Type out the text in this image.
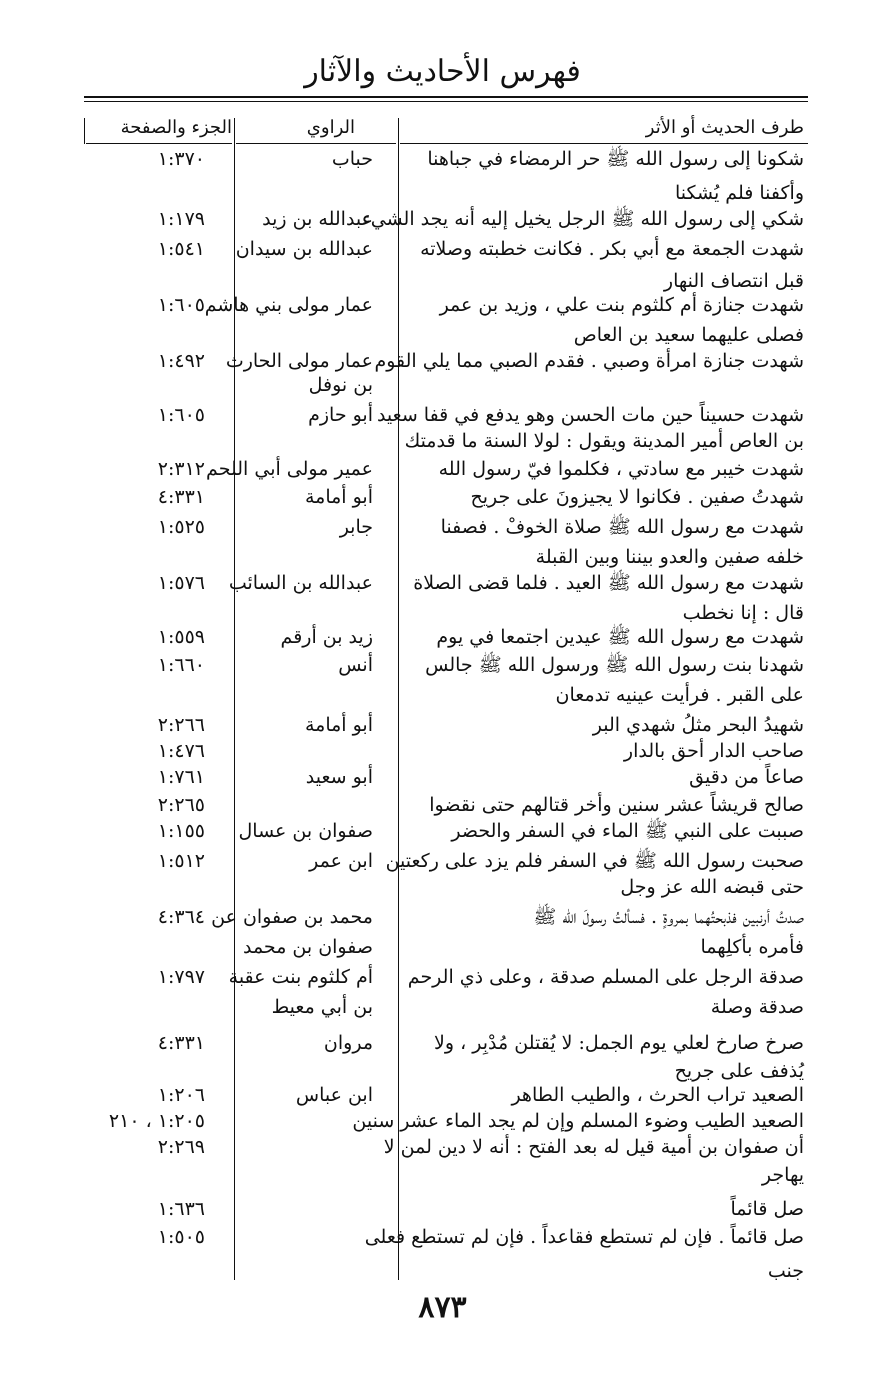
فهرس الأحاديث والآثار
طرف الحديث أو الأثر
الراوي
الجزء والصفحة
شكونا إلى رسول الله ﷺ حر الرمضاء في جباهنا
حباب
١:٣٧٠
وأكفنا فلم يُشكنا
شكي إلى رسول الله ﷺ الرجل يخيل إليه أنه يجد الشيء
عبدالله بن زيد
١:١٧٩
شهدت الجمعة مع أبي بكر . فكانت خطبته وصلاته
عبدالله بن سيدان
١:٥٤١
قبل انتصاف النهار
شهدت جنازة أم كلثوم بنت علي ، وزيد بن عمر
عمار مولى بني هاشم
١:٦٠٥
فصلى عليهما سعيد بن العاص
شهدت جنازة امرأة وصبي . فقدم الصبي مما يلي القوم
عمار مولى الحارث
١:٤٩٢
بن نوفل
شهدت حسيناً حين مات الحسن وهو يدفع في قفا سعيد
أبو حازم
١:٦٠٥
بن العاص أمير المدينة ويقول : لولا السنة ما قدمتك
شهدت خيبر مع سادتي ، فكلموا فيّ رسول الله
عمير مولى أبي اللحم
٢:٣١٢
شهدتُ صفين . فكانوا لا يجيزونَ على جريح
أبو أمامة
٤:٣٣١
شهدت مع رسول الله ﷺ صلاة الخوفْ . فصفنا
جابر
١:٥٢٥
خلفه صفين والعدو بيننا وبين القبلة
شهدت مع رسول الله ﷺ العيد . فلما قضى الصلاة
عبدالله بن السائب
١:٥٧٦
قال : إنا نخطب
شهدت مع رسول الله ﷺ عيدين اجتمعا في يوم
زيد بن أرقم
١:٥٥٩
شهدنا بنت رسول الله ﷺ ورسول الله ﷺ جالس
أنس
١:٦٦٠
على القبر . فرأيت عينيه تدمعان
شهيدُ البحر مثلُ شهدي البر
أبو أمامة
٢:٢٦٦
صاحب الدار أحق بالدار
١:٤٧٦
صاعاً من دقيق
أبو سعيد
١:٧٦١
صالح قريشاً عشر سنين وأخر قتالهم حتى نقضوا
٢:٢٦٥
صببت على النبي ﷺ الماء في السفر والحضر
صفوان بن عسال
١:١٥٥
صحبت رسول الله ﷺ في السفر فلم يزد على ركعتين
ابن عمر
١:٥١٢
حتى قبضه الله عز وجل
صدتُ أرنبين فذبحتُهما بمروةٍ . فسألتُ رسولَ الله ﷺ
محمد بن صفوان عن
٤:٣٦٤
فأمره بأكلِهما
صفوان بن محمد
صدقة الرجل على المسلم صدقة ، وعلى ذي الرحم
أم كلثوم بنت عقبة
١:٧٩٧
صدقة وصلة
بن أبي معيط
صرخ صارخ لعلي يوم الجمل: لا يُقتلن مُدْبِر ، ولا
مروان
٤:٣٣١
يُذفف على جريح
الصعيد تراب الحرث ، والطيب الطاهر
ابن عباس
١:٢٠٦
الصعيد الطيب وضوء المسلم وإن لم يجد الماء عشر سنين
١:٢٠٥ ، ٢١٠
أن صفوان بن أمية قيل له بعد الفتح : أنه لا دين لمن لا
٢:٢٦٩
يهاجر
صل قائماً
١:٦٣٦
صل قائماً . فإن لم تستطع فقاعداً . فإن لم تستطع فعلى
١:٥٠٥
جنب
٨٧٣
